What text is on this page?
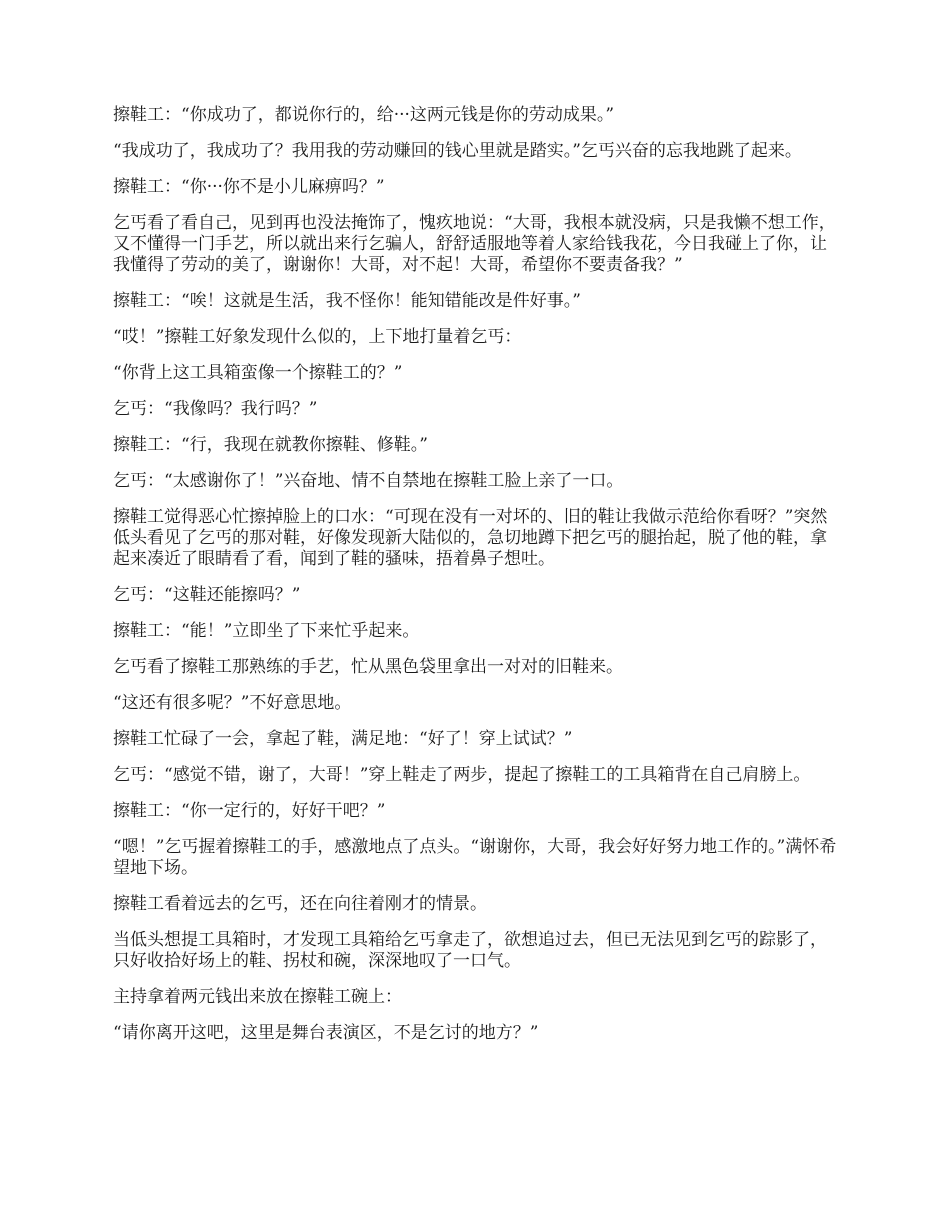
擦鞋工：“你成功了，都说你行的，给···这两元钱是你的劳动成果。”

“我成功了，我成功了？我用我的劳动赚回的钱心里就是踏实。”乞丐兴奋的忘我地跳了起来。

擦鞋工：“你···你不是小儿麻痹吗？”

乞丐看了看自己，见到再也没法掩饰了，愧疚地说：“大哥，我根本就没病，只是我懒不想工作，又不懂得一门手艺，所以就出来行乞骗人，舒舒适服地等着人家给钱我花，今日我碰上了你，让我懂得了劳动的美了，谢谢你！大哥，对不起！大哥，希望你不要责备我？”

擦鞋工：“唉！这就是生活，我不怪你！能知错能改是件好事。”

“哎！”擦鞋工好象发现什么似的，上下地打量着乞丐：

“你背上这工具箱蛮像一个擦鞋工的？”

乞丐：“我像吗？我行吗？”

擦鞋工：“行，我现在就教你擦鞋、修鞋。”

乞丐：“太感谢你了！”兴奋地、情不自禁地在擦鞋工脸上亲了一口。

擦鞋工觉得恶心忙擦掉脸上的口水：“可现在没有一对坏的、旧的鞋让我做示范给你看呀？”突然低头看见了乞丐的那对鞋，好像发现新大陆似的，急切地蹲下把乞丐的腿抬起，脱了他的鞋，拿起来凑近了眼睛看了看，闻到了鞋的骚味，捂着鼻子想吐。

乞丐：“这鞋还能擦吗？”

擦鞋工：“能！”立即坐了下来忙乎起来。

乞丐看了擦鞋工那熟练的手艺，忙从黑色袋里拿出一对对的旧鞋来。

“这还有很多呢？”不好意思地。

擦鞋工忙碌了一会，拿起了鞋，满足地：“好了！穿上试试？”

乞丐：“感觉不错，谢了，大哥！”穿上鞋走了两步，提起了擦鞋工的工具箱背在自己肩膀上。

擦鞋工：“你一定行的，好好干吧？”

“嗯！”乞丐握着擦鞋工的手，感激地点了点头。“谢谢你，大哥，我会好好努力地工作的。”满怀希望地下场。

擦鞋工看着远去的乞丐，还在向往着刚才的情景。

当低头想提工具箱时，才发现工具箱给乞丐拿走了，欲想追过去，但已无法见到乞丐的踪影了，只好收拾好场上的鞋、拐杖和碗，深深地叹了一口气。

主持拿着两元钱出来放在擦鞋工碗上：

“请你离开这吧，这里是舞台表演区，不是乞讨的地方？”
